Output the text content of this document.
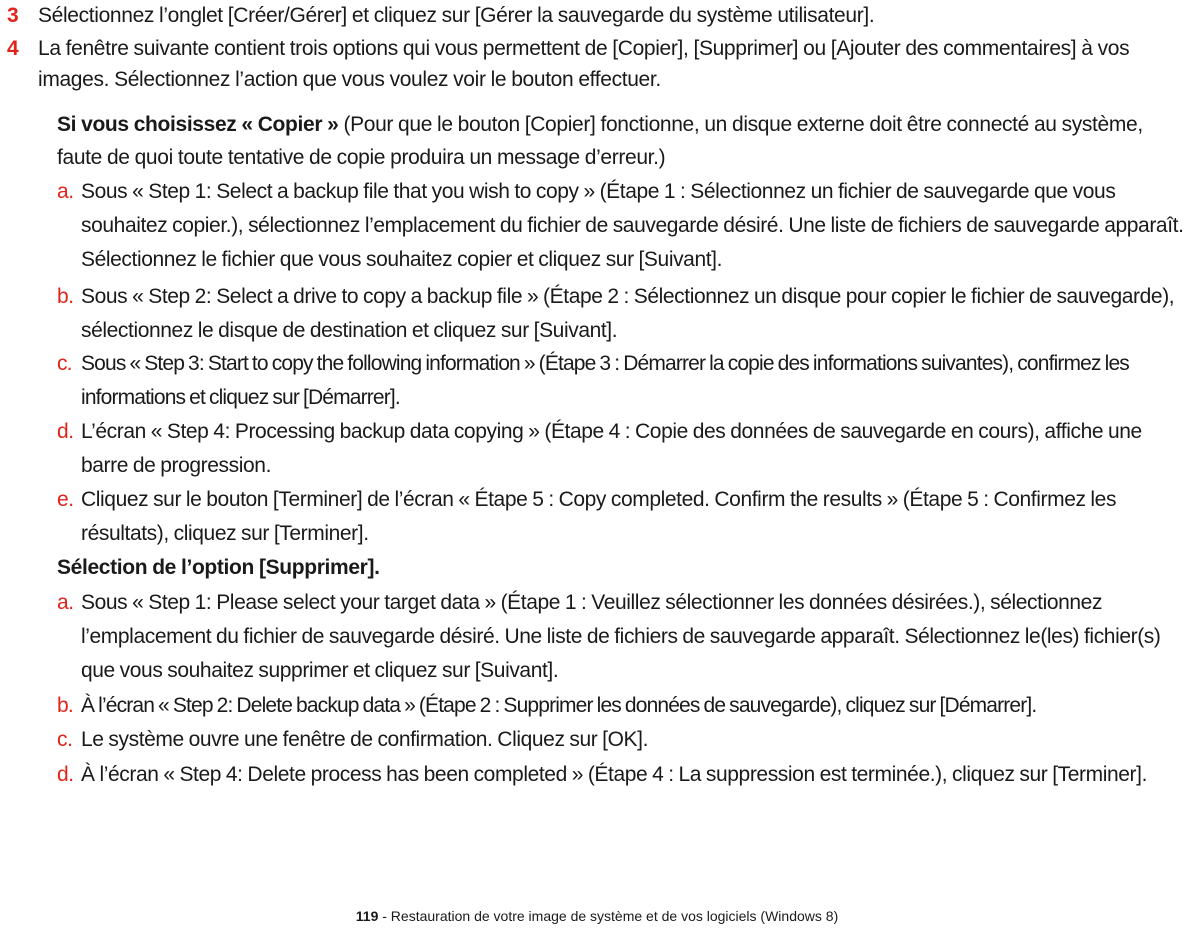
3 Sélectionnez l’onglet [Créer/Gérer] et cliquez sur [Gérer la sauvegarde du système utilisateur].
4 La fenêtre suivante contient trois options qui vous permettent de [Copier], [Supprimer] ou [Ajouter des commentaires] à vos images. Sélectionnez l’action que vous voulez voir le bouton effectuer.
Si vous choisissez « Copier » (Pour que le bouton [Copier] fonctionne, un disque externe doit être connecté au système, faute de quoi toute tentative de copie produira un message d’erreur.)
a. Sous « Step 1: Select a backup file that you wish to copy » (Étape 1 : Sélectionnez un fichier de sauvegarde que vous souhaitez copier.), sélectionnez l’emplacement du fichier de sauvegarde désiré. Une liste de fichiers de sauvegarde apparaît. Sélectionnez le fichier que vous souhaitez copier et cliquez sur [Suivant].
b. Sous « Step 2: Select a drive to copy a backup file » (Étape 2 : Sélectionnez un disque pour copier le fichier de sauvegarde), sélectionnez le disque de destination et cliquez sur [Suivant].
c. Sous « Step 3: Start to copy the following information » (Étape 3 : Démarrer la copie des informations suivantes), confirmez les informations et cliquez sur [Démarrer].
d. L’écran « Step 4: Processing backup data copying » (Étape 4 : Copie des données de sauvegarde en cours), affiche une barre de progression.
e. Cliquez sur le bouton [Terminer] de l’écran « Étape 5 : Copy completed. Confirm the results » (Étape 5 : Confirmez les résultats), cliquez sur [Terminer].
Sélection de l’option [Supprimer].
a. Sous « Step 1: Please select your target data » (Étape 1 : Veuillez sélectionner les données désirées.), sélectionnez l’emplacement du fichier de sauvegarde désiré. Une liste de fichiers de sauvegarde apparaît. Sélectionnez le(les) fichier(s) que vous souhaitez supprimer et cliquez sur [Suivant].
b. À l’écran « Step 2: Delete backup data » (Étape 2 : Supprimer les données de sauvegarde), cliquez sur [Démarrer].
c. Le système ouvre une fenêtre de confirmation. Cliquez sur [OK].
d. À l’écran « Step 4: Delete process has been completed » (Étape 4 : La suppression est terminée.), cliquez sur [Terminer].
119 - Restauration de votre image de système et de vos logiciels (Windows 8)
